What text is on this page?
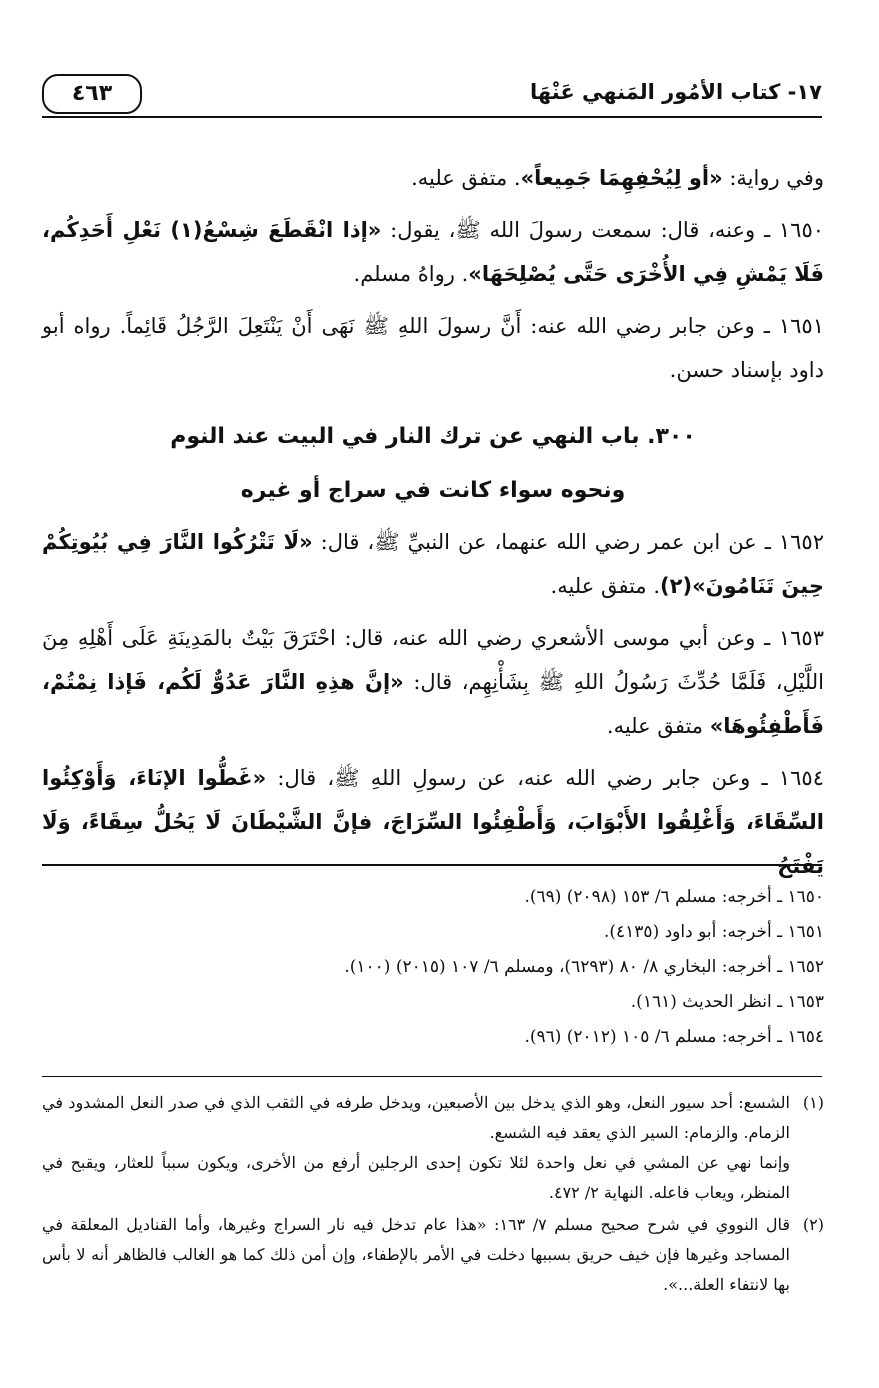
١٧- كتاب الأمُور المَنهي عَنْهَا
٤٦٣

وفي رواية: «أو لِيُحْفِهِمَا جَمِيعاً». متفق عليه.

١٦٥٠ ـ وعنه، قال: سمعت رسولَ الله ﷺ، يقول: «إذا انْقَطَعَ شِسْعُ(١) نَعْلِ أَحَدِكُم، فَلَا يَمْشِ فِي الأُخْرَى حَتَّى يُصْلِحَهَا». رواهُ مسلم.

١٦٥١ ـ وعن جابر رضي الله عنه: أَنَّ رسولَ اللهِ ﷺ نَهَى أَنْ يَنْتَعِلَ الرَّجُلُ قَائِماً. رواه أبو داود بإسناد حسن.

٣٠٠. باب النهي عن ترك النار في البيت عند النوم
ونحوه سواء كانت في سراج أو غيره

١٦٥٢ ـ عن ابن عمر رضي الله عنهما، عن النبيِّ ﷺ، قال: «لَا تَتْرُكُوا النَّارَ فِي بُيُوتِكُمْ حِينَ تَنَامُونَ»(٢). متفق عليه.

١٦٥٣ ـ وعن أبي موسى الأشعري رضي الله عنه، قال: احْتَرَقَ بَيْتٌ بالمَدِينَةِ عَلَى أَهْلِهِ مِنَ اللَّيْلِ، فَلَمَّا حُدِّثَ رَسُولُ اللهِ ﷺ بِشَأْنِهِم، قال: «إنَّ هذِهِ النَّارَ عَدُوٌّ لَكُم، فَإذا نِمْتُمْ، فَأَطْفِئُوهَا» متفق عليه.

١٦٥٤ ـ وعن جابر رضي الله عنه، عن رسولِ اللهِ ﷺ، قال: «غَطُّوا الإنَاءَ، وَأَوْكِئُوا السِّقَاءَ، وَأَغْلِقُوا الأَبْوَابَ، وَأَطْفِئُوا السِّرَاجَ، فإنَّ الشَّيْطَانَ لَا يَحُلُّ سِقَاءً، وَلَا يَفْتَحُ

١٦٥٠ ـ أخرجه: مسلم ٦/ ١٥٣ (٢٠٩٨) (٦٩).
١٦٥١ ـ أخرجه: أبو داود (٤١٣٥).
١٦٥٢ ـ أخرجه: البخاري ٨/ ٨٠ (٦٢٩٣)، ومسلم ٦/ ١٠٧ (٢٠١٥) (١٠٠).
١٦٥٣ ـ انظر الحديث (١٦١).
١٦٥٤ ـ أخرجه: مسلم ٦/ ١٠٥ (٢٠١٢) (٩٦).
(١)

الشسع: أحد سيور النعل، وهو الذي يدخل بين الأصبعين، ويدخل طرفه في الثقب الذي في صدر النعل المشدود في الزمام. والزمام: السير الذي يعقد فيه الشسع.

وإنما نهي عن المشي في نعل واحدة لئلا تكون إحدى الرجلين أرفع من الأخرى، ويكون سبباً للعثار، ويقبح في المنظر، ويعاب فاعله. النهاية ٢/ ٤٧٢.

(٢)

قال النووي في شرح صحيح مسلم ٧/ ١٦٣: «هذا عام تدخل فيه نار السراج وغيرها، وأما القناديل المعلقة في المساجد وغيرها فإن خيف حريق بسببها دخلت في الأمر بالإطفاء، وإن أمن ذلك كما هو الغالب فالظاهر أنه لا بأس بها لانتفاء العلة...».
